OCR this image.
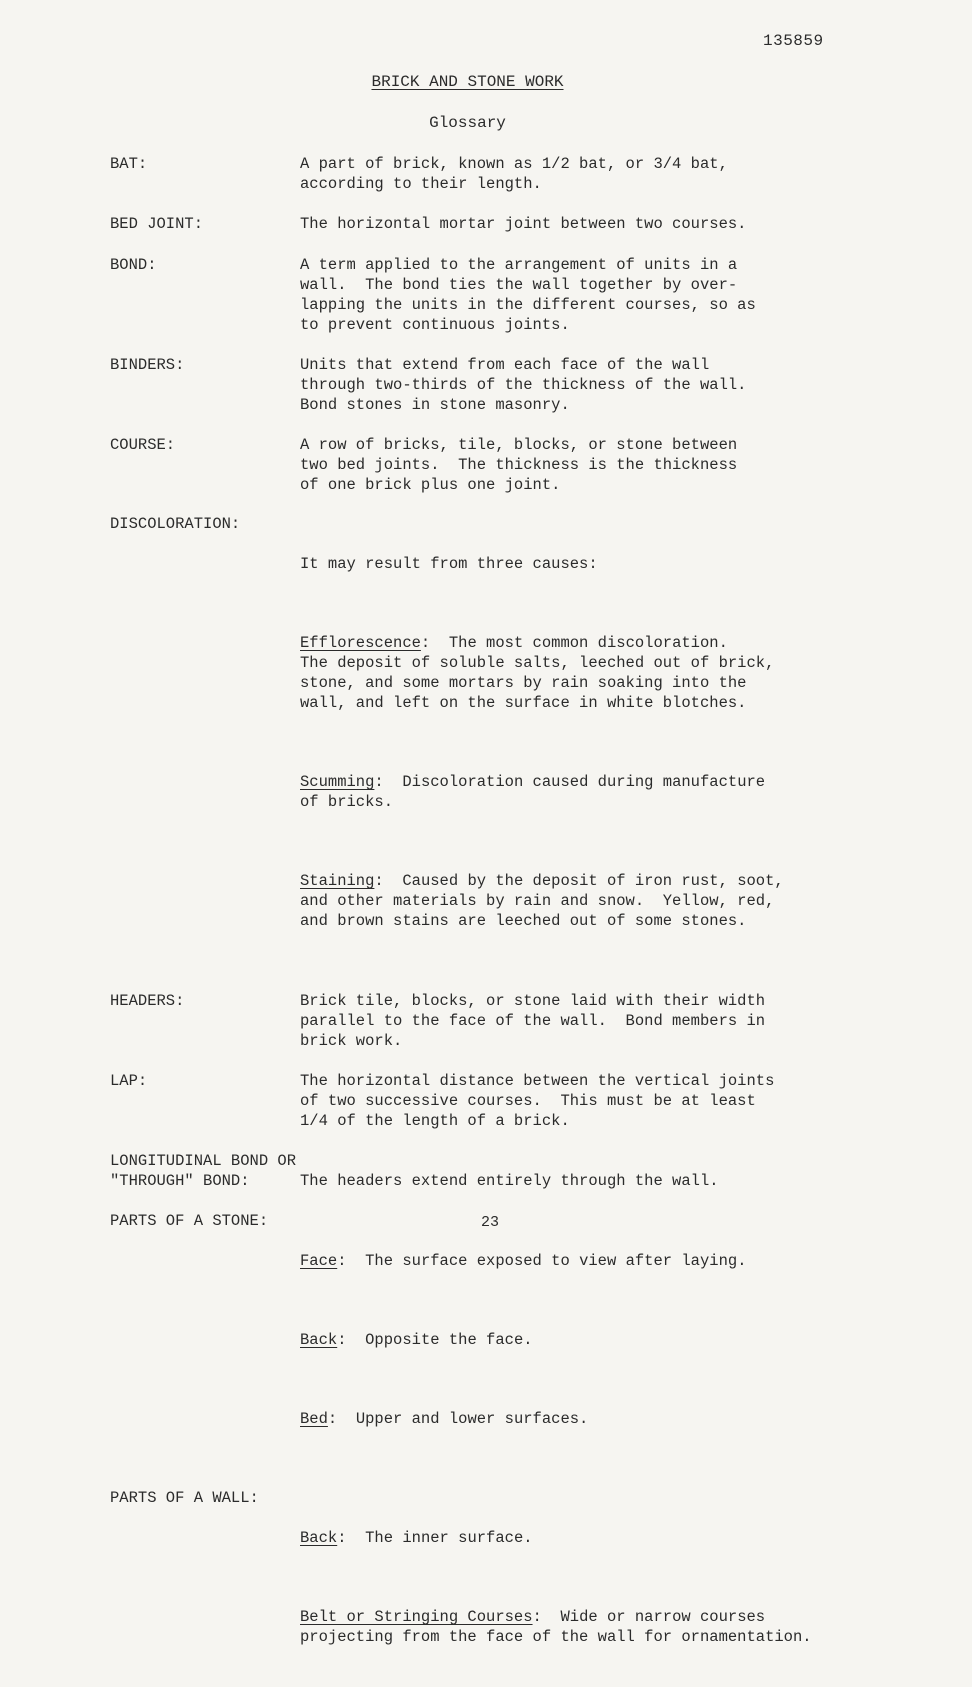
135859
BRICK AND STONE WORK
Glossary
BAT:	A part of brick, known as 1/2 bat, or 3/4 bat,
according to their length.
BED JOINT:	The horizontal mortar joint between two courses.
BOND:	A term applied to the arrangement of units in a
wall.  The bond ties the wall together by over-
lapping the units in the different courses, so as
to prevent continuous joints.
BINDERS:	Units that extend from each face of the wall
through two-thirds of the thickness of the wall.
Bond stones in stone masonry.
COURSE:	A row of bricks, tile, blocks, or stone between
two bed joints.  The thickness is the thickness
of one brick plus one joint.
DISCOLORATION:

It may result from three causes:

Efflorescence:  The most common discoloration.
The deposit of soluble salts, leeched out of brick,
stone, and some mortars by rain soaking into the
wall, and left on the surface in white blotches.

Scumming:  Discoloration caused during manufacture
of bricks.

Staining:  Caused by the deposit of iron rust, soot,
and other materials by rain and snow.  Yellow, red,
and brown stains are leeched out of some stones.

HEADERS:	Brick tile, blocks, or stone laid with their width
parallel to the face of the wall.  Bond members in
brick work.
LAP:	The horizontal distance between the vertical joints
of two successive courses.  This must be at least
1/4 of the length of a brick.
LONGITUDINAL BOND OR
"THROUGH" BOND:	The headers extend entirely through the wall.
PARTS OF A STONE:

Face:  The surface exposed to view after laying.

Back:  Opposite the face.

Bed:  Upper and lower surfaces.

PARTS OF A WALL:

Back:  The inner surface.

Belt or Stringing Courses:  Wide or narrow courses
projecting from the face of the wall for ornamentation.

23
